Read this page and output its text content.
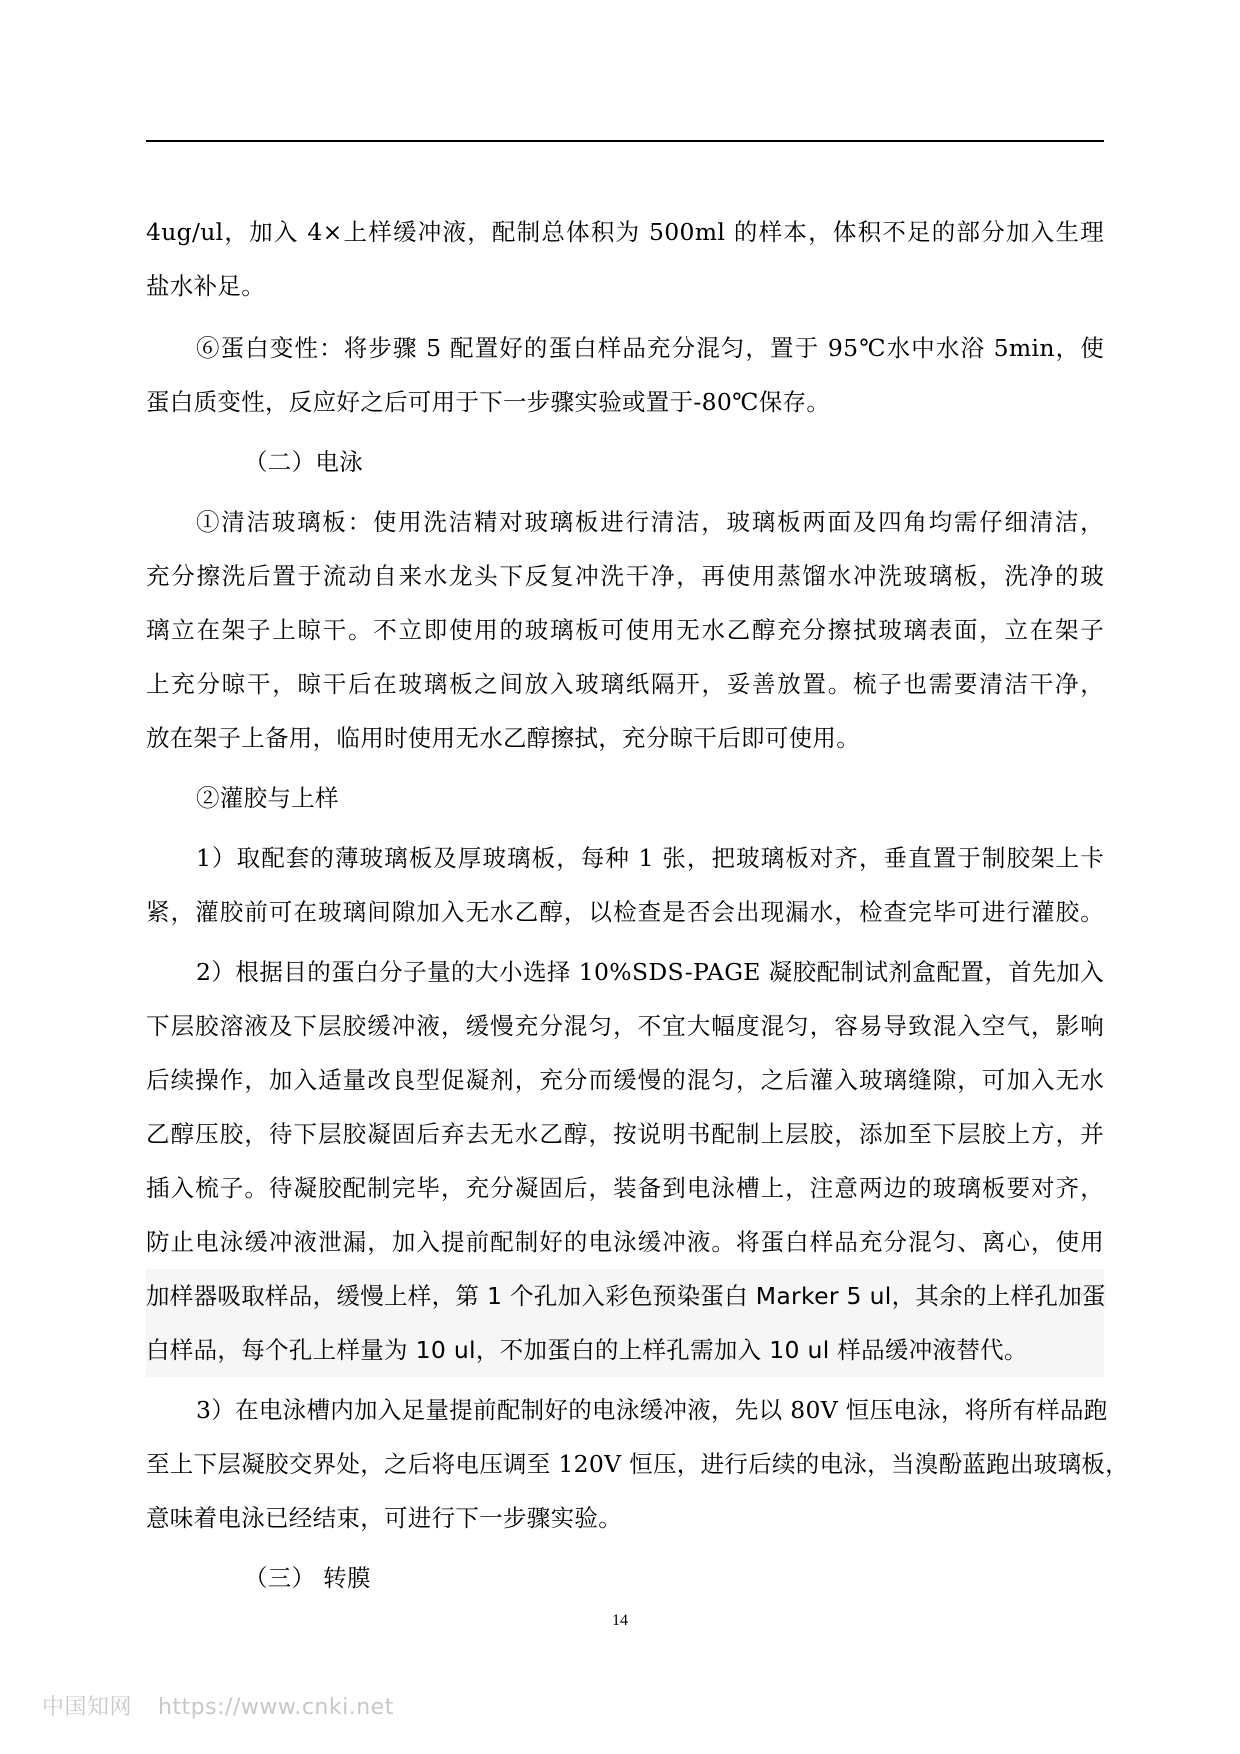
4ug/ul，加入 4×上样缓冲液，配制总体积为 500ml 的样本，体积不足的部分加入生理
盐水补足。
⑥蛋白变性：将步骤 5 配置好的蛋白样品充分混匀，置于 95℃水中水浴 5min，使
蛋白质变性，反应好之后可用于下一步骤实验或置于-80℃保存。
（二）电泳
①清洁玻璃板：使用洗洁精对玻璃板进行清洁，玻璃板两面及四角均需仔细清洁，
充分擦洗后置于流动自来水龙头下反复冲洗干净，再使用蒸馏水冲洗玻璃板，洗净的玻
璃立在架子上晾干。不立即使用的玻璃板可使用无水乙醇充分擦拭玻璃表面，立在架子
上充分晾干，晾干后在玻璃板之间放入玻璃纸隔开，妥善放置。梳子也需要清洁干净，
放在架子上备用，临用时使用无水乙醇擦拭，充分晾干后即可使用。
②灌胶与上样
1）取配套的薄玻璃板及厚玻璃板，每种 1 张，把玻璃板对齐，垂直置于制胶架上卡
紧，灌胶前可在玻璃间隙加入无水乙醇，以检查是否会出现漏水，检查完毕可进行灌胶。
2）根据目的蛋白分子量的大小选择 10%SDS-PAGE 凝胶配制试剂盒配置，首先加入
下层胶溶液及下层胶缓冲液，缓慢充分混匀，不宜大幅度混匀，容易导致混入空气，影响
后续操作，加入适量改良型促凝剂，充分而缓慢的混匀，之后灌入玻璃缝隙，可加入无水
乙醇压胶，待下层胶凝固后弃去无水乙醇，按说明书配制上层胶，添加至下层胶上方，并
插入梳子。待凝胶配制完毕，充分凝固后，装备到电泳槽上，注意两边的玻璃板要对齐，
防止电泳缓冲液泄漏，加入提前配制好的电泳缓冲液。将蛋白样品充分混匀、离心，使用
加样器吸取样品，缓慢上样，第 1 个孔加入彩色预染蛋白 Marker 5 ul，其余的上样孔加蛋
白样品，每个孔上样量为 10 ul，不加蛋白的上样孔需加入 10 ul 样品缓冲液替代。
3）在电泳槽内加入足量提前配制好的电泳缓冲液，先以 80V 恒压电泳，将所有样品跑
至上下层凝胶交界处，之后将电压调至 120V 恒压，进行后续的电泳，当溴酚蓝跑出玻璃板，
意味着电泳已经结束，可进行下一步骤实验。
（三） 转膜
14
中国知网 https://www.cnki.net
